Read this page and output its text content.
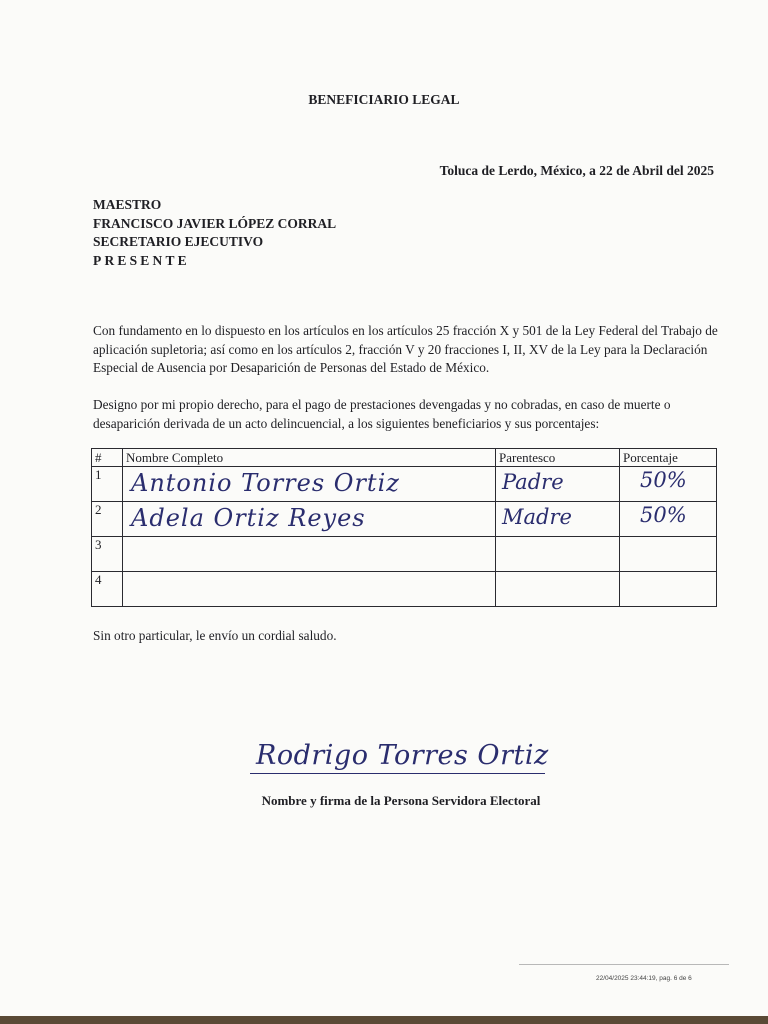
BENEFICIARIO LEGAL
Toluca de Lerdo, México, a 22 de Abril del 2025
MAESTRO
FRANCISCO JAVIER LÓPEZ CORRAL
SECRETARIO EJECUTIVO
PRESENTE
Con fundamento en lo dispuesto en los artículos en los artículos 25 fracción X y 501 de la Ley Federal del Trabajo de aplicación supletoria; así como en los artículos 2, fracción V y 20 fracciones I, II, XV de la Ley para la Declaración Especial de Ausencia por Desaparición de Personas del Estado de México.
Designo por mi propio derecho, para el pago de prestaciones devengadas y no cobradas, en caso de muerte o desaparición derivada de un acto delincuencial, a los siguientes beneficiarios y sus porcentajes:
#	Nombre Completo	Parentesco	Porcentaje
1	Antonio Torres Ortiz	Padre	50%

2	Adela Ortiz Reyes	Madre	50%

3			
4			
Sin otro particular, le envío un cordial saludo.
Rodrigo Torres Ortiz
Nombre y firma de la Persona Servidora Electoral
22/04/2025 23:44:19, pag. 6 de 6
